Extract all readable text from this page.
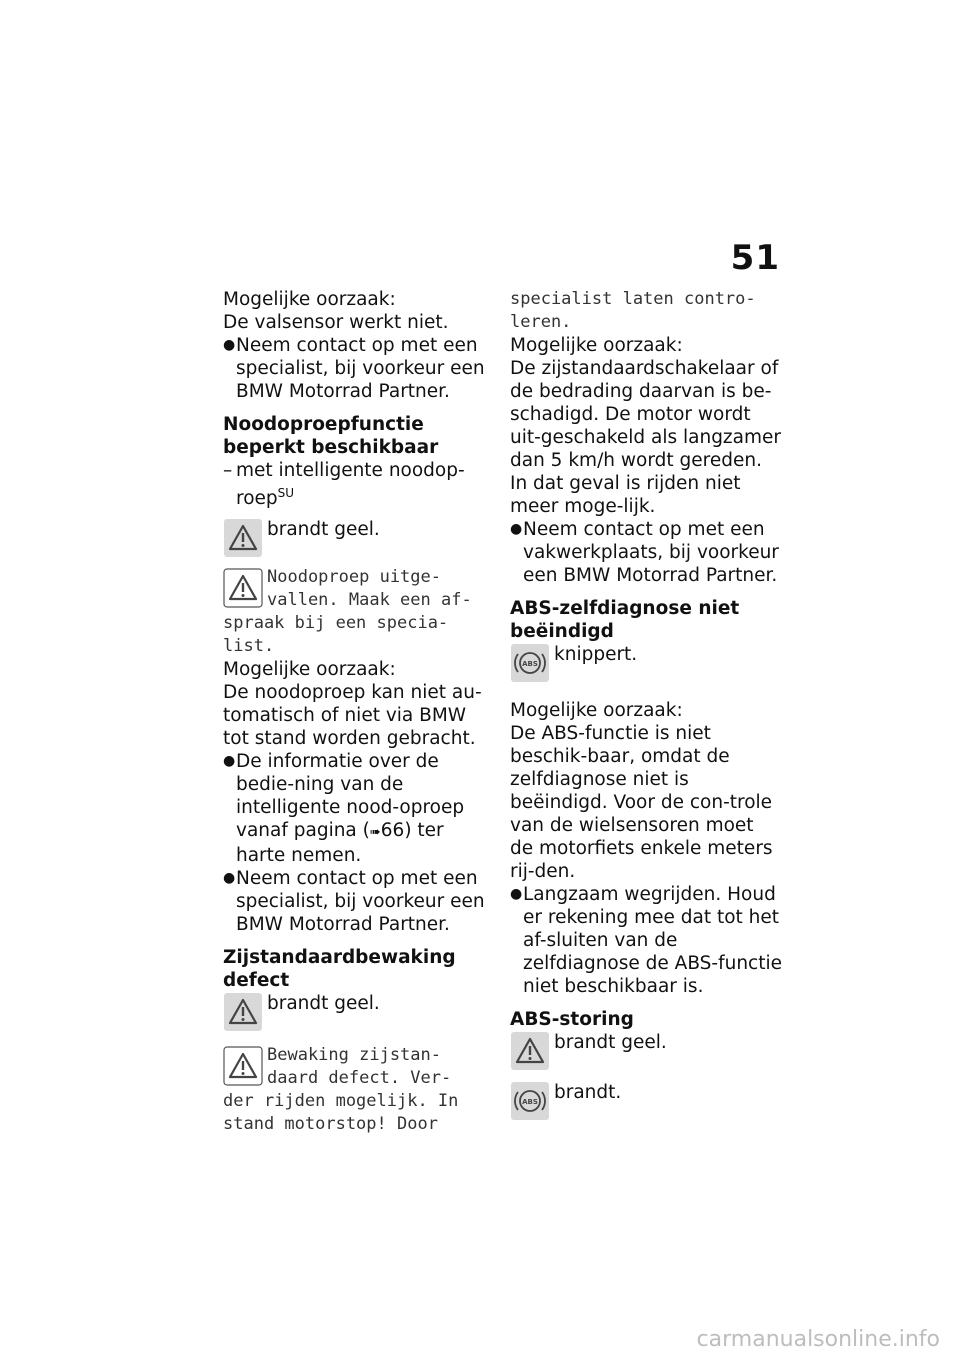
51

Mogelijke oorzaak:

De valsensor werkt niet.

● Neem contact op met een specialist, bij voorkeur een BMW Motorrad Partner.

Noodoproepfunctie beperkt beschikbaar

– met intelligente noodop-roep$^{SU}$
brandt geel.
Noodoproep uitge-
vallen. Maak een af-
spraak bij een specia-
list.

Mogelijke oorzaak:

De noodoproep kan niet au-tomatisch of niet via BMW tot stand worden gebracht.

● De informatie over de bedie-ning van de intelligente nood-oproep vanaf pagina (➠66) ter harte nemen.
● Neem contact op met een specialist, bij voorkeur een BMW Motorrad Partner.

Zijstandaardbewaking defect

brandt geel.
Bewaking zijstan-
daard defect. Ver-
der rijden mogelijk. In
stand motorstop! Door
specialist laten contro-
leren.

Mogelijke oorzaak:

De zijstandaardschakelaar of de bedrading daarvan is be-schadigd. De motor wordt uit-geschakeld als langzamer dan 5 km/h wordt gereden. In dat geval is rijden niet meer moge-lijk.

● Neem contact op met een vakwerkplaats, bij voorkeur een BMW Motorrad Partner.

ABS-zelfdiagnose niet beëindigd

ABS knippert.

Mogelijke oorzaak:

De ABS-functie is niet beschik-baar, omdat de zelfdiagnose niet is beëindigd. Voor de con-trole van de wielsensoren moet de motorfiets enkele meters rij-den.

● Langzaam wegrijden. Houd er rekening mee dat tot het af-sluiten van de zelfdiagnose de ABS-functie niet beschikbaar is.

ABS-storing

brandt geel.
ABS brandt.
carmanualsonline.info
